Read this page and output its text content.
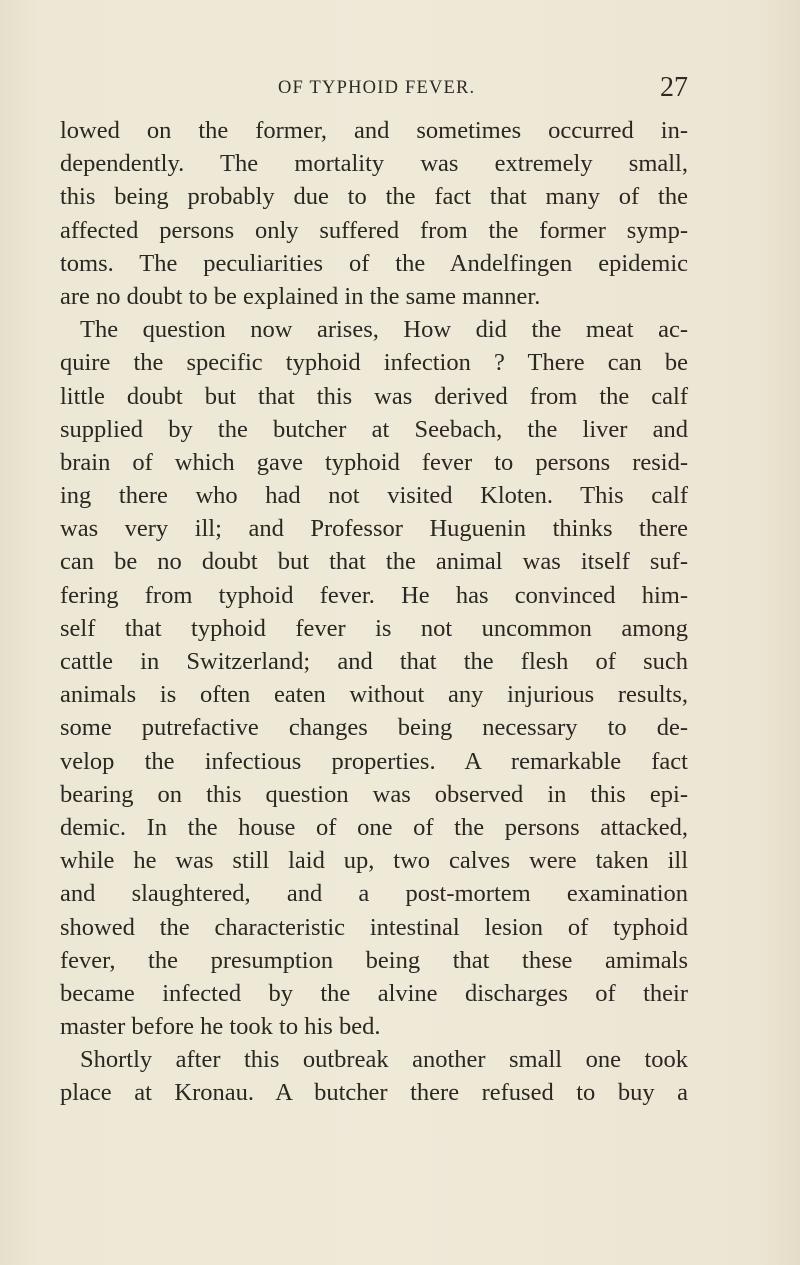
OF TYPHOID FEVER.	27
lowed on the former, and sometimes occurred in-
dependently. The mortality was extremely small,
this being probably due to the fact that many of the
affected persons only suffered from the former symp-
toms. The peculiarities of the Andelfingen epidemic
are no doubt to be explained in the same manner.
The question now arises, How did the meat ac-
quire the specific typhoid infection ? There can be
little doubt but that this was derived from the calf
supplied by the butcher at Seebach, the liver and
brain of which gave typhoid fever to persons resid-
ing there who had not visited Kloten. This calf
was very ill; and Professor Huguenin thinks there
can be no doubt but that the animal was itself suf-
fering from typhoid fever. He has convinced him-
self that typhoid fever is not uncommon among
cattle in Switzerland; and that the flesh of such
animals is often eaten without any injurious results,
some putrefactive changes being necessary to de-
velop the infectious properties. A remarkable fact
bearing on this question was observed in this epi-
demic. In the house of one of the persons attacked,
while he was still laid up, two calves were taken ill
and slaughtered, and a post-mortem examination
showed the characteristic intestinal lesion of typhoid
fever, the presumption being that these amimals
became infected by the alvine discharges of their
master before he took to his bed.
Shortly after this outbreak another small one took
place at Kronau. A butcher there refused to buy a
